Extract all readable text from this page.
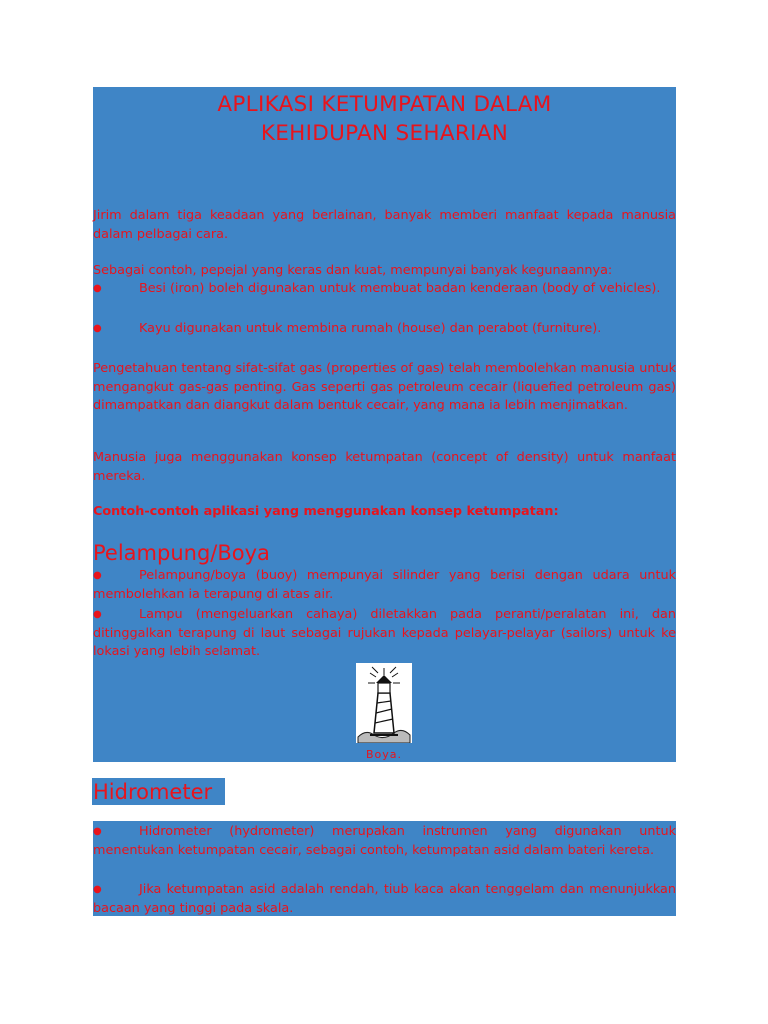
APLIKASI KETUMPATAN DALAM
KEHIDUPAN SEHARIAN

Jirim dalam tiga keadaan yang berlainan, banyak memberi manfaat kepada manusia dalam pelbagai cara.

Sebagai contoh, pepejal yang keras dan kuat, mempunyai banyak kegunaannya:

●	Besi (iron) boleh digunakan untuk membuat badan kenderaan (body of vehicles).

●	Kayu digunakan untuk membina rumah (house) dan perabot (furniture).

Pengetahuan tentang sifat-sifat gas (properties of gas) telah membolehkan manusia untuk mengangkut gas-gas penting. Gas seperti gas petroleum cecair (liquefied petroleum gas) dimampatkan dan diangkut dalam bentuk cecair, yang mana ia lebih menjimatkan.

Manusia juga menggunakan konsep ketumpatan (concept of density) untuk manfaat mereka.

Contoh-contoh aplikasi yang menggunakan konsep ketumpatan:

Pelampung/Boya

●	Pelampung/boya (buoy) mempunyai silinder yang berisi dengan udara untuk membolehkan ia terapung di atas air.

●	Lampu (mengeluarkan cahaya) diletakkan pada peranti/peralatan ini, dan ditinggalkan terapung di laut sebagai rujukan kepada pelayar-pelayar (sailors) untuk ke lokasi yang lebih selamat.

Boya.
Hidrometer

●	Hidrometer (hydrometer) merupakan instrumen yang digunakan untuk menentukan ketumpatan cecair, sebagai contoh, ketumpatan asid dalam bateri kereta.

●	Jika ketumpatan asid adalah rendah, tiub kaca akan tenggelam dan menunjukkan bacaan yang tinggi pada skala.
